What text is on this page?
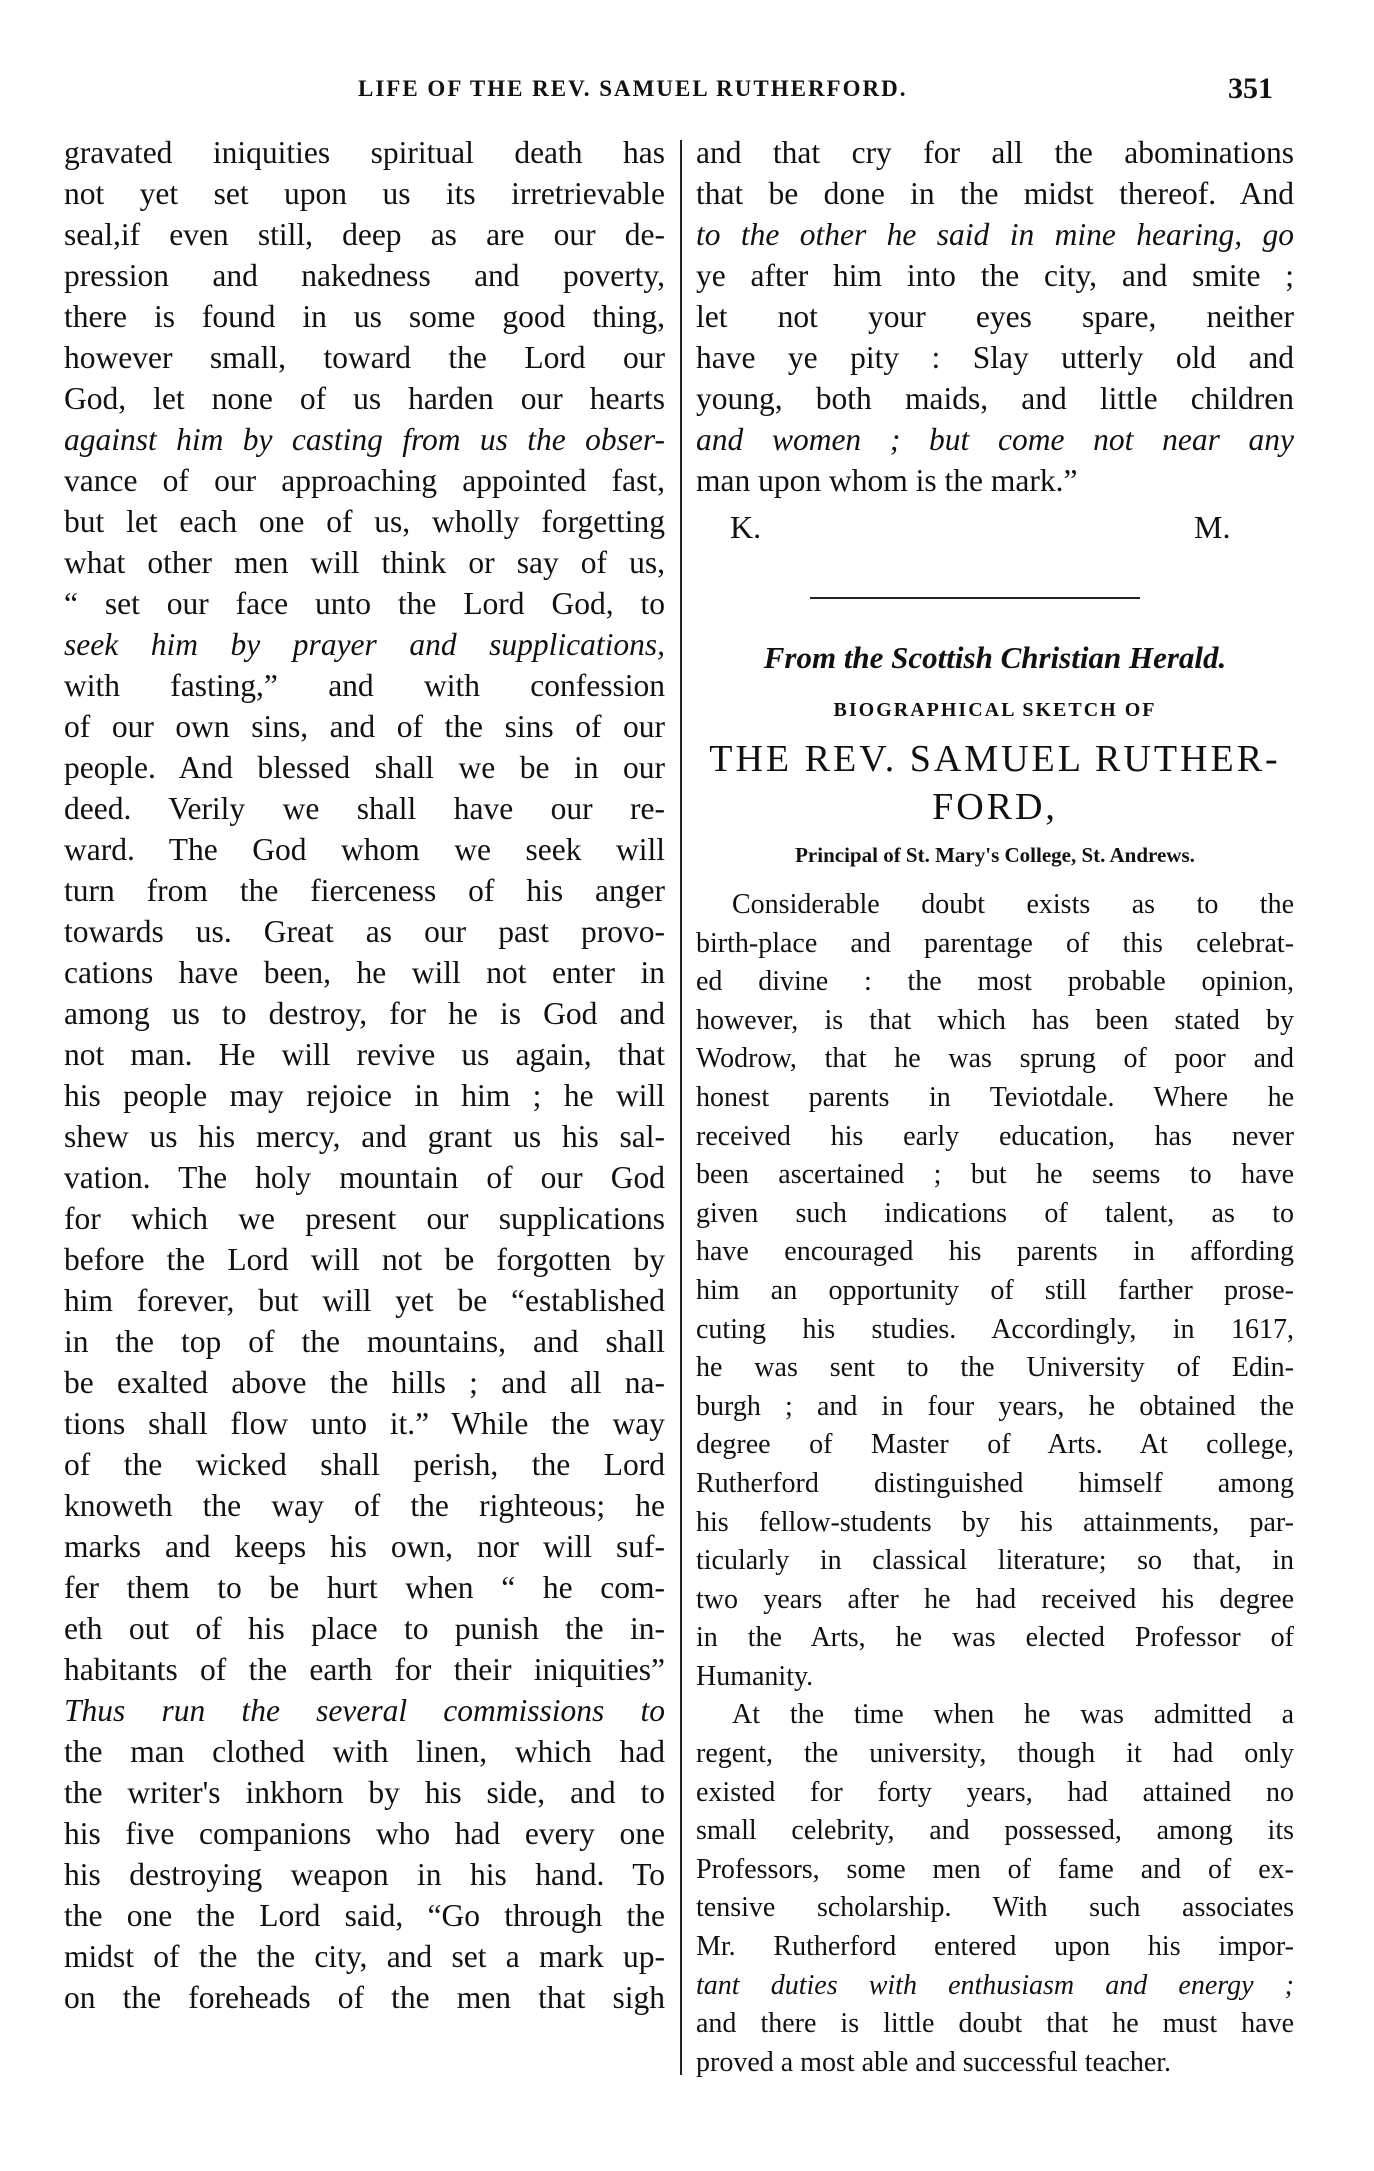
LIFE OF THE REV. SAMUEL RUTHERFORD.	351
gravated iniquities spiritual death has
not yet set upon us its irretrievable
seal,if even still, deep as are our de-
pression and nakedness and poverty,
there is found in us some good thing,
however small, toward the Lord our
God, let none of us harden our hearts
against him by casting from us the obser-
vance of our approaching appointed fast,
but let each one of us, wholly forgetting
what other men will think or say of us,
“ set our face unto the Lord God, to
seek him by prayer and supplications,
with fasting,” and with confession
of our own sins, and of the sins of our
people. And blessed shall we be in our
deed. Verily we shall have our re-
ward. The God whom we seek will
turn from the fierceness of his anger
towards us. Great as our past provo-
cations have been, he will not enter in
among us to destroy, for he is God and
not man. He will revive us again, that
his people may rejoice in him ; he will
shew us his mercy, and grant us his sal-
vation. The holy mountain of our God
for which we present our supplications
before the Lord will not be forgotten by
him forever, but will yet be “established
in the top of the mountains, and shall
be exalted above the hills ; and all na-
tions shall flow unto it.” While the way
of the wicked shall perish, the Lord
knoweth the way of the righteous; he
marks and keeps his own, nor will suf-
fer them to be hurt when “ he com-
eth out of his place to punish the in-
habitants of the earth for their iniquities”
Thus run the several commissions to
the man clothed with linen, which had
the writer's inkhorn by his side, and to
his five companions who had every one
his destroying weapon in his hand. To
the one the Lord said, “Go through the
midst of the the city, and set a mark up-
on the foreheads of the men that sigh
and that cry for all the abominations
that be done in the midst thereof. And
to the other he said in mine hearing, go
ye after him into the city, and smite ;
let not your eyes spare, neither
have ye pity : Slay utterly old and
young, both maids, and little children
and women ; but come not near any
man upon whom is the mark.”
K.	M.
From the Scottish Christian Herald.
BIOGRAPHICAL SKETCH OF
THE REV. SAMUEL RUTHER-
FORD,
Principal of St. Mary's College, St. Andrews.
Considerable doubt exists as to the
birth-place and parentage of this celebrat-
ed divine : the most probable opinion,
however, is that which has been stated by
Wodrow, that he was sprung of poor and
honest parents in Teviotdale. Where he
received his early education, has never
been ascertained ; but he seems to have
given such indications of talent, as to
have encouraged his parents in affording
him an opportunity of still farther prose-
cuting his studies. Accordingly, in 1617,
he was sent to the University of Edin-
burgh ; and in four years, he obtained the
degree of Master of Arts. At college,
Rutherford distinguished himself among
his fellow-students by his attainments, par-
ticularly in classical literature; so that, in
two years after he had received his degree
in the Arts, he was elected Professor of
Humanity.
At the time when he was admitted a
regent, the university, though it had only
existed for forty years, had attained no
small celebrity, and possessed, among its
Professors, some men of fame and of ex-
tensive scholarship. With such associates
Mr. Rutherford entered upon his impor-
tant duties with enthusiasm and energy ;
and there is little doubt that he must have
proved a most able and successful teacher.
